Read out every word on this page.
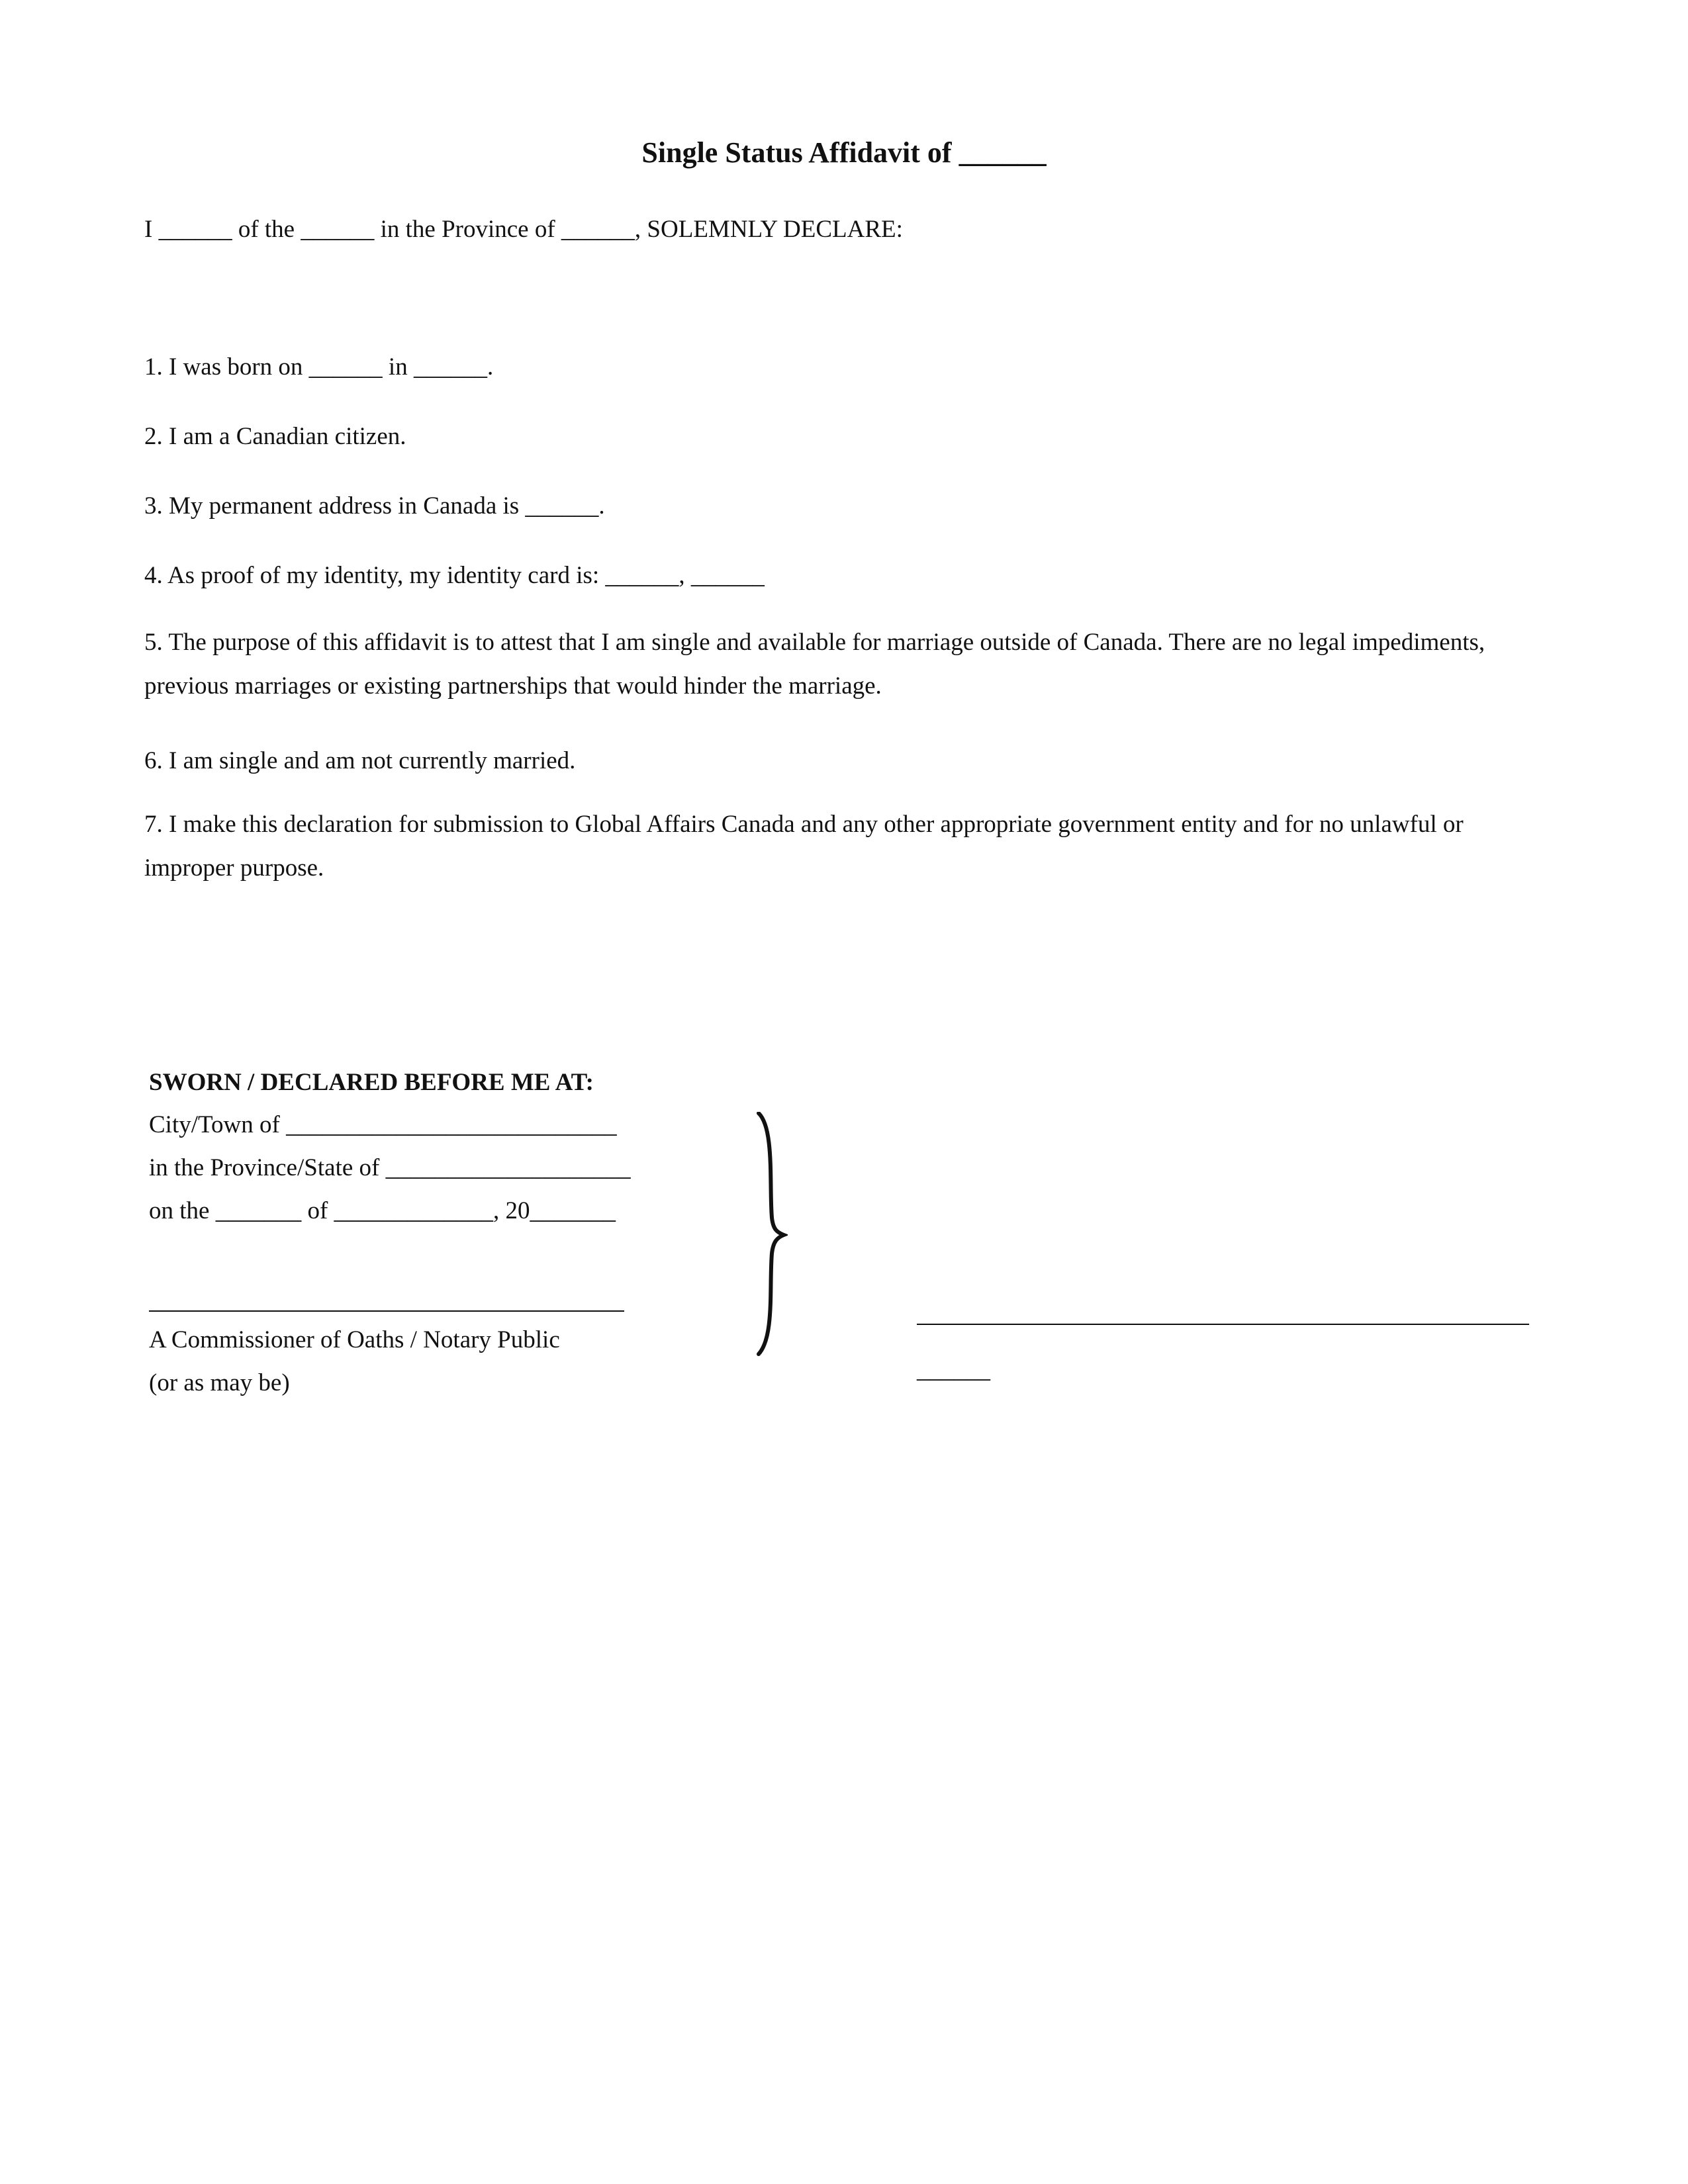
Single Status Affidavit of ______
I ______ of the ______ in the Province of ______, SOLEMNLY DECLARE:
1. I was born on ______ in ______.
2. I am a Canadian citizen.
3. My permanent address in Canada is ______.
4. As proof of my identity, my identity card is: ______, ______
5. The purpose of this affidavit is to attest that I am single and available for marriage outside of Canada. There are no legal impediments, previous marriages or existing partnerships that would hinder the marriage.
6. I am single and am not currently married.
7. I make this declaration for submission to Global Affairs Canada and any other appropriate government entity and for no unlawful or improper purpose.
SWORN / DECLARED BEFORE ME AT:
City/Town of ___________________________
in the Province/State of ____________________
on the _______ of _____________, 20_______
A Commissioner of Oaths / Notary Public
(or as may be)	______
